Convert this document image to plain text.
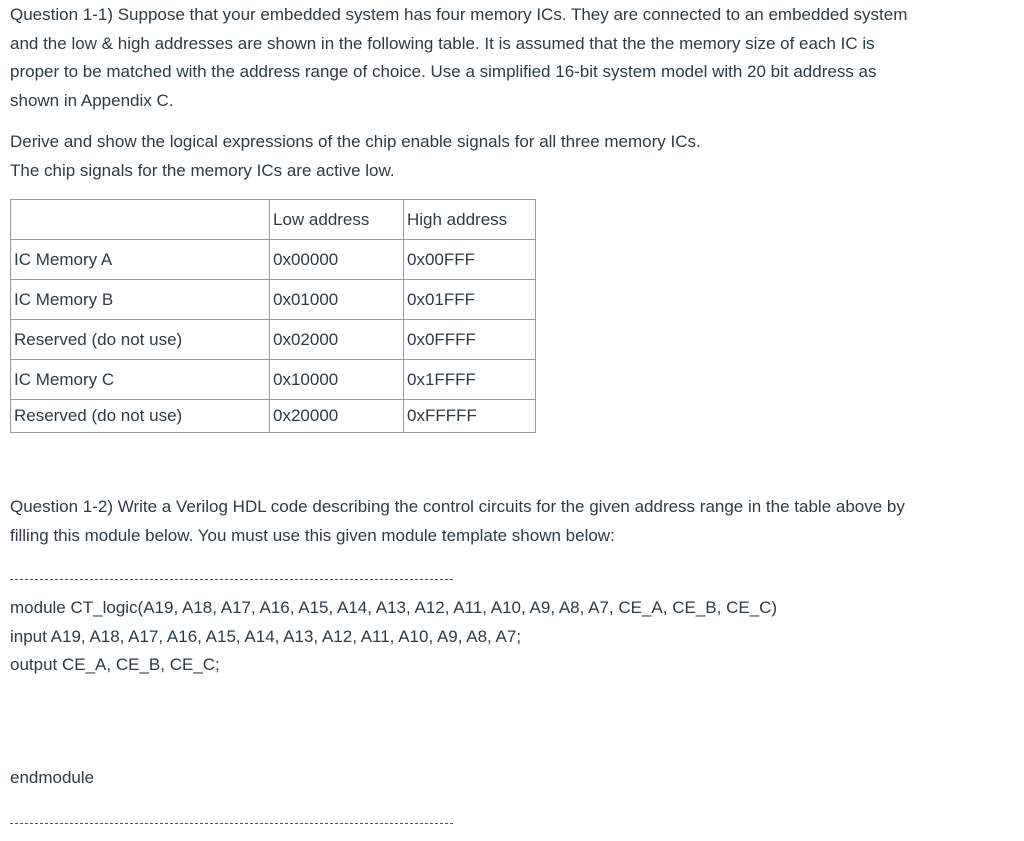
Question 1-1) Suppose that your embedded system has four memory ICs. They are connected to an embedded system
and the low & high addresses are shown in the following table. It is assumed that the the memory size of each IC is
proper to be matched with the address range of choice. Use a simplified 16-bit system model with 20 bit address as
shown in Appendix C.

Derive and show the logical expressions of the chip enable signals for all three memory ICs.
The chip signals for the memory ICs are active low.

	Low address	High address
IC Memory A	0x00000	0x00FFF
IC Memory B	0x01000	0x01FFF
Reserved (do not use)	0x02000	0x0FFFF
IC Memory C	0x10000	0x1FFFF
Reserved (do not use)	0x20000	0xFFFFF

Question 1-2) Write a Verilog HDL code describing the control circuits for the given address range in the table above by
filling this module below. You must use this given module template shown below:

module CT_logic(A19, A18, A17, A16, A15, A14, A13, A12, A11, A10, A9, A8, A7, CE_A, CE_B, CE_C)
input A19, A18, A17, A16, A15, A14, A13, A12, A11, A10, A9, A8, A7;
output CE_A, CE_B, CE_C;

endmodule
